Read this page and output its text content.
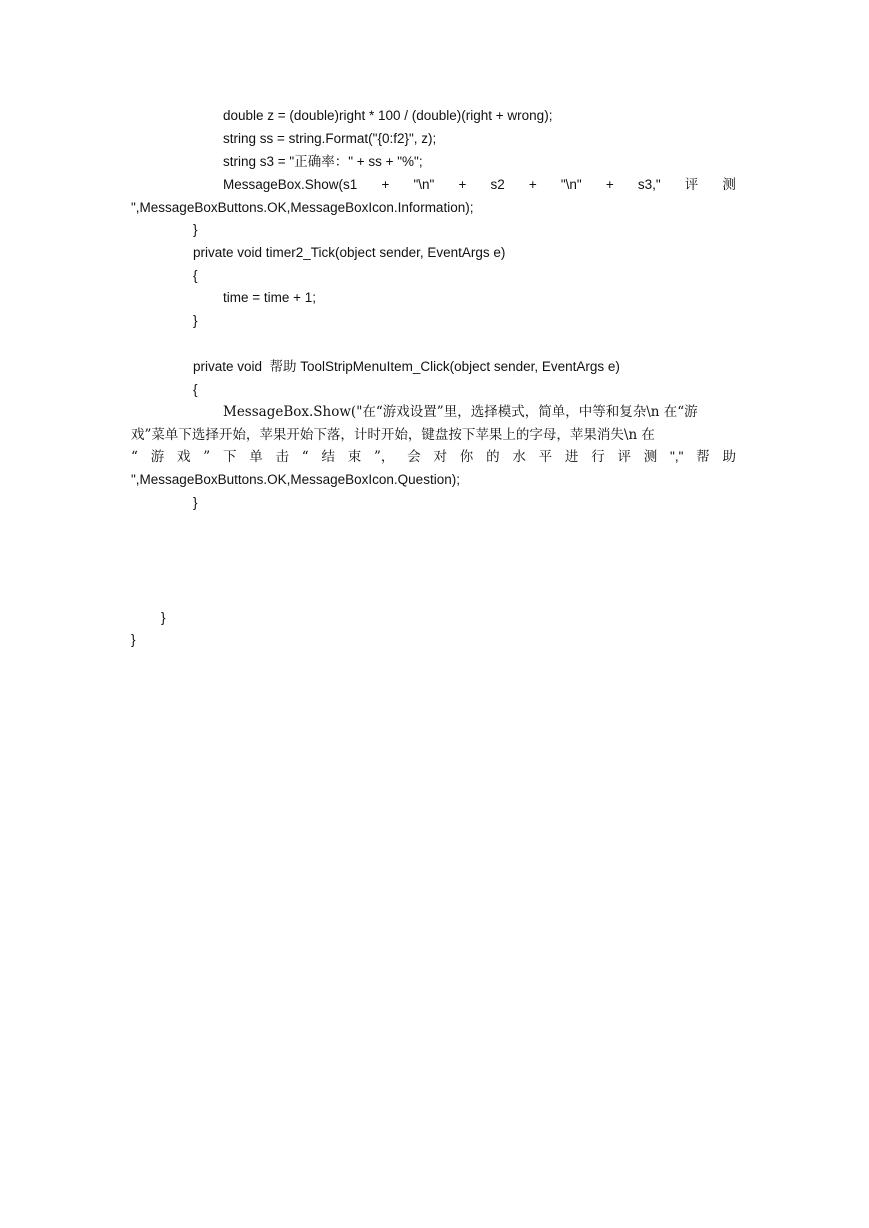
double z = (double)right * 100 / (double)(right + wrong);
string ss = string.Format("{0:f2}", z);
string s3 = "正确率：" + ss + "%";
MessageBox.Show(s1 + "\n" + s2 + "\n" + s3," 评 测
",MessageBoxButtons.OK,MessageBoxIcon.Information);
}
private void timer2_Tick(object sender, EventArgs e)
{
time = time + 1;
}
private void  帮助 ToolStripMenuItem_Click(object sender, EventArgs e)
{
MessageBox.Show("在“游戏设置”里，选择模式，简单，中等和复杂\n 在“游
戏”菜单下选择开始，苹果开始下落，计时开始，键盘按下苹果上的字母，苹果消失\n 在
“ 游 戏 ” 下 单 击 “ 结 束 ”， 会 对 你 的 水 平 进 行 评 测 "," 帮 助
",MessageBoxButtons.OK,MessageBoxIcon.Question);
}
}
}
